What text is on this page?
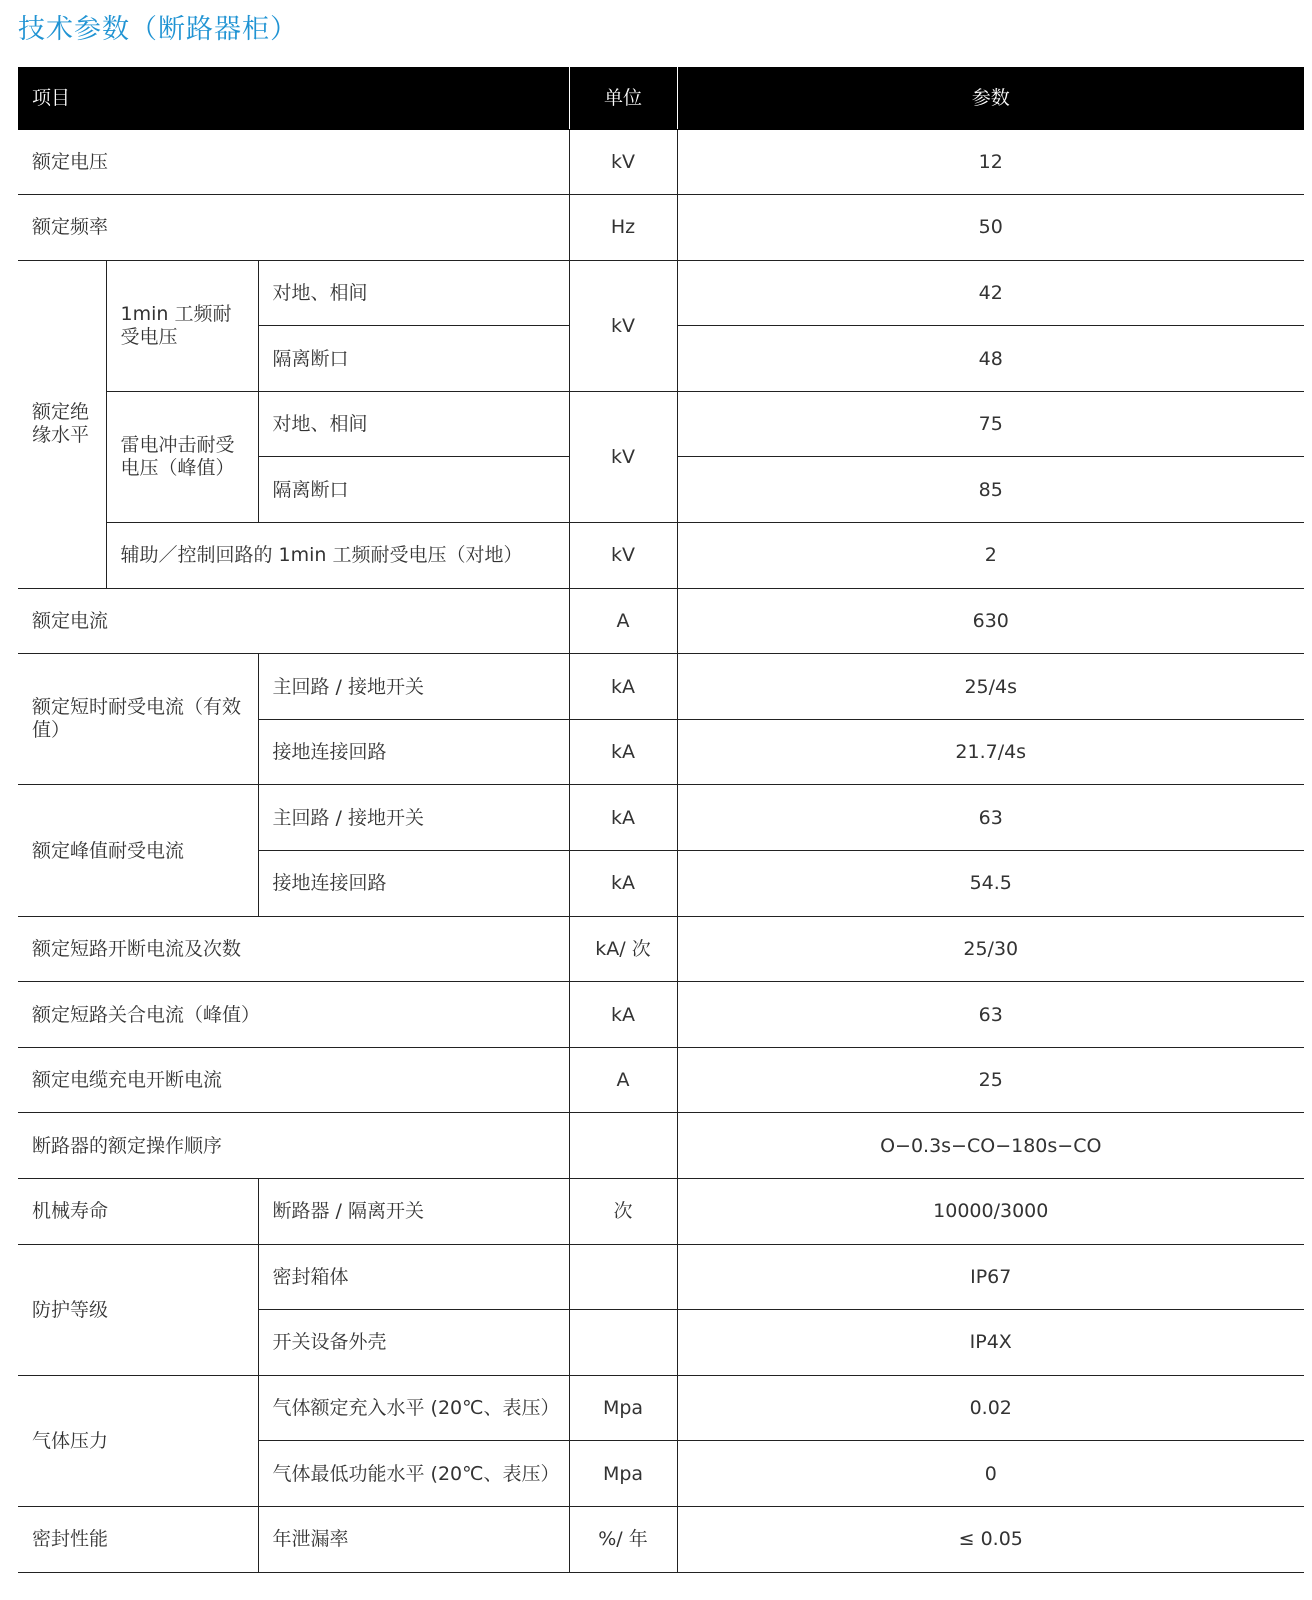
技术参数（断路器柜）
项目			单位	参数
额定电压			kV	12
额定频率			Hz	50
额定绝缘水平	1min 工频耐受电压	对地、相间	kV	42
		隔离断口		48
	雷电冲击耐受电压（峰值）	对地、相间	kV	75
		隔离断口		85
	辅助／控制回路的 1min 工频耐受电压（对地）		kV	2
额定电流			A	630
额定短时耐受电流（有效值）		主回路 / 接地开关	kA	25/4s
		接地连接回路	kA	21.7/4s
额定峰值耐受电流		主回路 / 接地开关	kA	63
		接地连接回路	kA	54.5
额定短路开断电流及次数			kA/ 次	25/30
额定短路关合电流（峰值）			kA	63
额定电缆充电开断电流			A	25
断路器的额定操作顺序				O−0.3s−CO−180s−CO
机械寿命		断路器 / 隔离开关	次	10000/3000
防护等级		密封箱体		IP67
		开关设备外壳		IP4X
气体压力		气体额定充入水平 (20℃、表压）	Mpa	0.02
		气体最低功能水平 (20℃、表压）	Mpa	0
密封性能		年泄漏率	%/ 年	≤ 0.05
